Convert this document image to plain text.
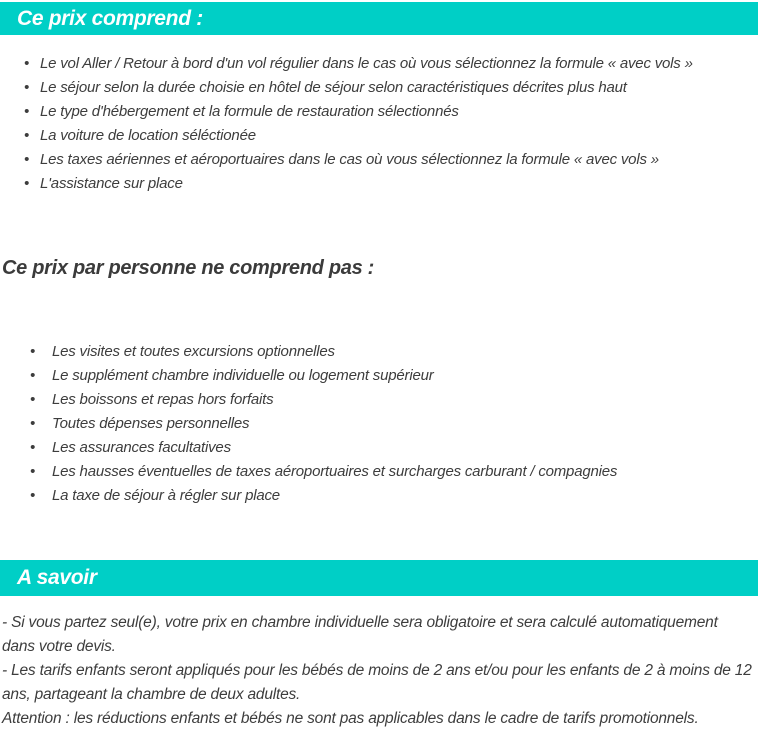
Ce prix comprend :
• Le vol Aller / Retour à bord d'un vol régulier dans le cas où vous sélectionnez la formule « avec vols »
• Le séjour selon la durée choisie en hôtel de séjour selon caractéristiques décrites plus haut
• Le type d'hébergement et la formule de restauration sélectionnés
• La voiture de location séléctionée
• Les taxes aériennes et aéroportuaires dans le cas où vous sélectionnez la formule « avec vols »
• L'assistance sur place
Ce prix par personne ne comprend pas :
• Les visites et toutes excursions optionnelles
• Le supplément chambre individuelle ou logement supérieur
• Les boissons et repas hors forfaits
• Toutes dépenses personnelles
• Les assurances facultatives
• Les hausses éventuelles de taxes aéroportuaires et surcharges carburant / compagnies
• La taxe de séjour à régler sur place
A savoir

- Si vous partez seul(e), votre prix en chambre individuelle sera obligatoire et sera calculé automatiquement dans votre devis.

- Les tarifs enfants seront appliqués pour les bébés de moins de 2 ans et/ou pour les enfants de 2 à moins de 12 ans, partageant la chambre de deux adultes.

Attention : les réductions enfants et bébés ne sont pas applicables dans le cadre de tarifs promotionnels.
